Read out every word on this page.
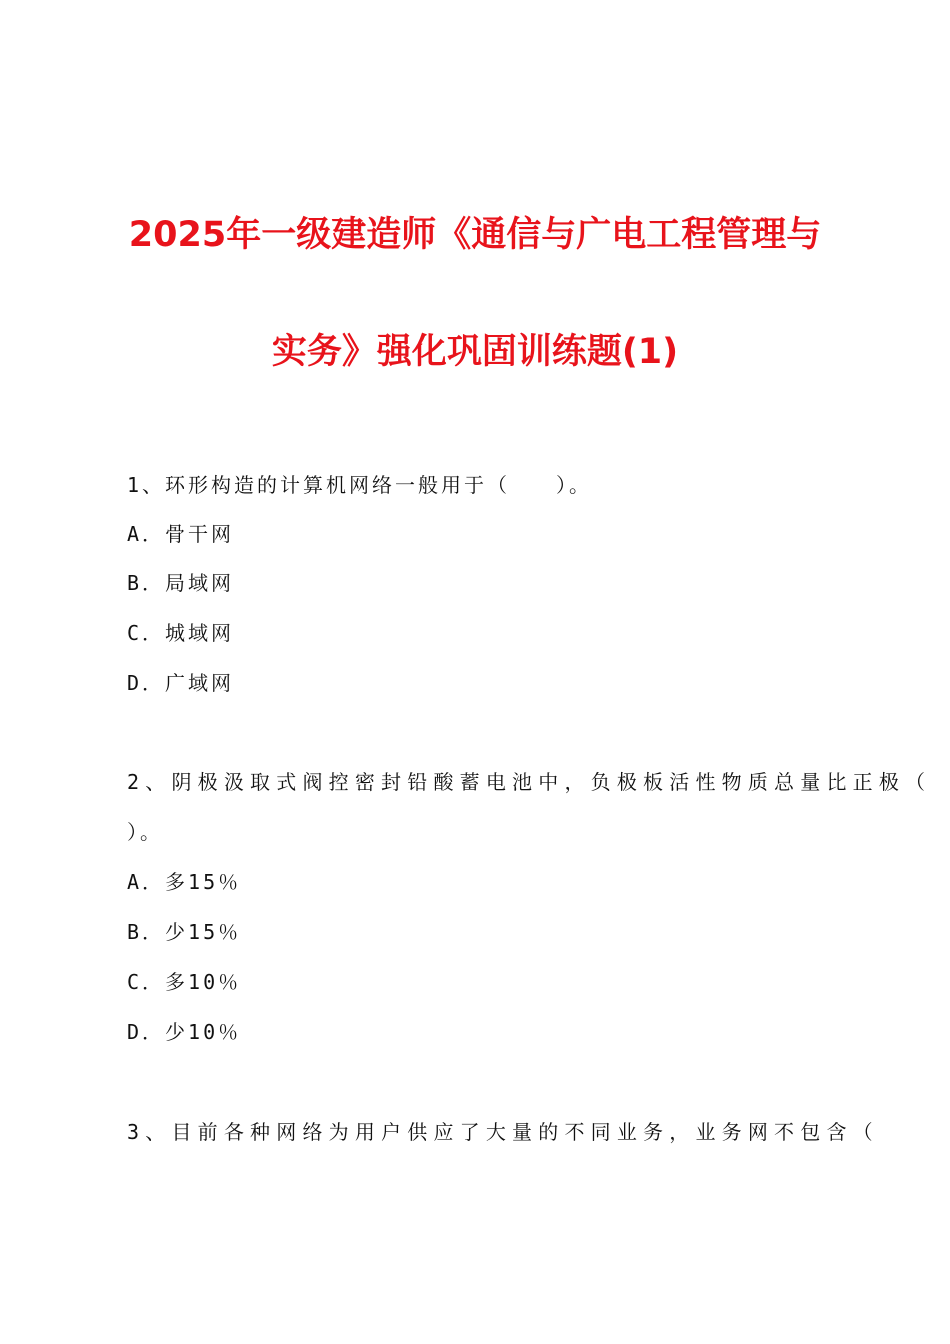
2025年一级建造师《通信与广电工程管理与
实务》强化巩固训练题(1)
1、环形构造的计算机网络一般用于（　　）。
A．骨干网
B．局域网
C．城域网
D．广域网
2、阴极汲取式阀控密封铅酸蓄电池中，负极板活性物质总量比正极（
）。
A．多15％
B．少15％
C．多10％
D．少10％
3、目前各种网络为用户供应了大量的不同业务，业务网不包含（
